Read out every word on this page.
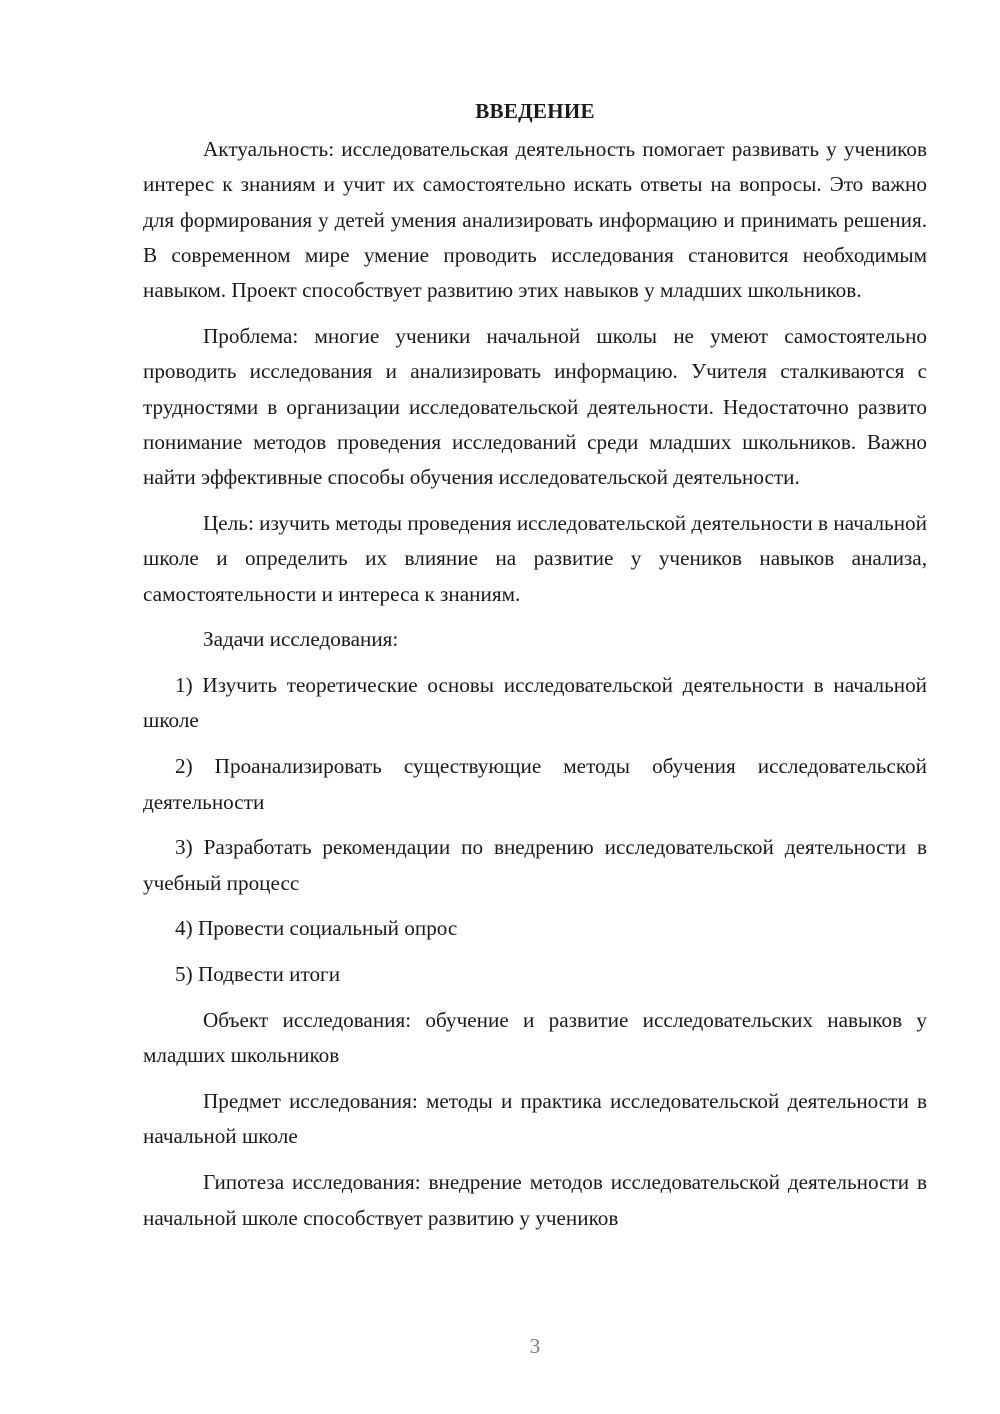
ВВЕДЕНИЕ

Актуальность: исследовательская деятельность помогает развивать у учеников интерес к знаниям и учит их самостоятельно искать ответы на вопросы. Это важно для формирования у детей умения анализировать информацию и принимать решения. В современном мире умение проводить исследования становится необходимым навыком. Проект способствует развитию этих навыков у младших школьников.

Проблема: многие ученики начальной школы не умеют самостоятельно проводить исследования и анализировать информацию. Учителя сталкиваются с трудностями в организации исследовательской деятельности. Недостаточно развито понимание методов проведения исследований среди младших школьников. Важно найти эффективные способы обучения исследовательской деятельности.

Цель: изучить методы проведения исследовательской деятельности в начальной школе и определить их влияние на развитие у учеников навыков анализа, самостоятельности и интереса к знаниям.

Задачи исследования:

1) Изучить теоретические основы исследовательской деятельности в начальной школе

2) Проанализировать существующие методы обучения исследовательской деятельности

3) Разработать рекомендации по внедрению исследовательской деятельности в учебный процесс

4) Провести социальный опрос

5) Подвести итоги

Объект исследования: обучение и развитие исследовательских навыков у младших школьников

Предмет исследования: методы и практика исследовательской деятельности в начальной школе

Гипотеза исследования: внедрение методов исследовательской деятельности в начальной школе способствует развитию у учеников

3
